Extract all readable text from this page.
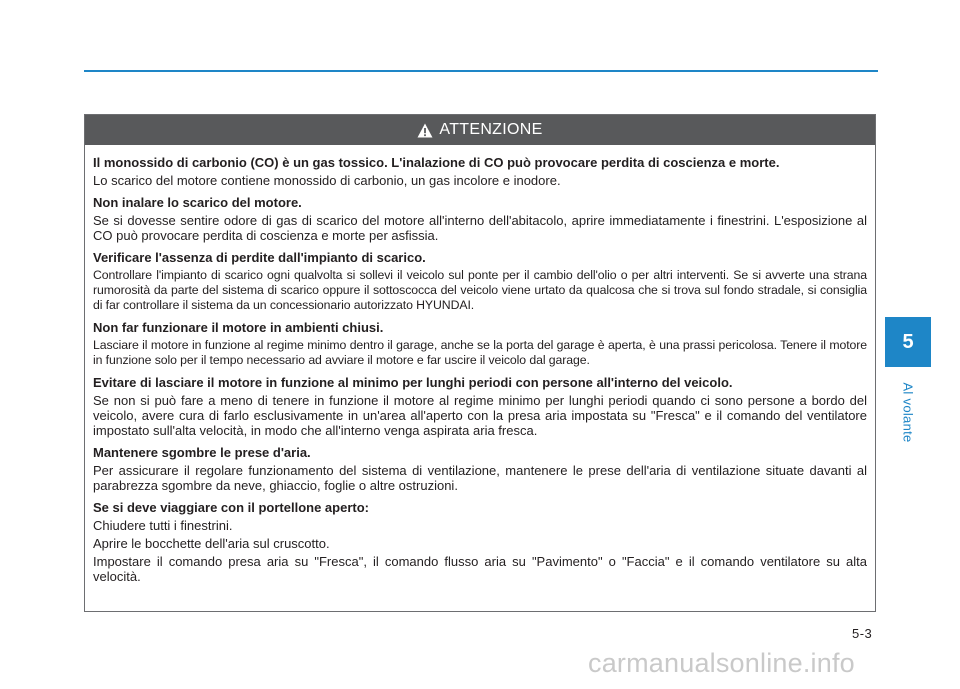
5
Al volante
ATTENZIONE
Il monossido di carbonio (CO) è un gas tossico. L'inalazione di CO può provocare perdita di coscienza e morte.
Lo scarico del motore contiene monossido di carbonio, un gas incolore e inodore.
Non inalare lo scarico del motore.
Se si dovesse sentire odore di gas di scarico del motore all'interno dell'abitacolo, aprire immediatamente i finestrini. L'esposizione al CO può provocare perdita di coscienza e morte per asfissia.
Verificare l'assenza di perdite dall'impianto di scarico.
Controllare l'impianto di scarico ogni qualvolta si sollevi il veicolo sul ponte per il cambio dell'olio o per altri interventi. Se si avverte una strana rumorosità da parte del sistema di scarico oppure il sottoscocca del veicolo viene urtato da qualcosa che si trova sul fondo stradale, si consiglia di far controllare il sistema da un concessionario autorizzato HYUNDAI.
Non far funzionare il motore in ambienti chiusi.
Lasciare il motore in funzione al regime minimo dentro il garage, anche se la porta del garage è aperta, è una prassi pericolosa. Tenere il motore in funzione solo per il tempo necessario ad avviare il motore e far uscire il veicolo dal garage.
Evitare di lasciare il motore in funzione al minimo per lunghi periodi con persone all'interno del veicolo.
Se non si può fare a meno di tenere in funzione il motore al regime minimo per lunghi periodi quando ci sono persone a bordo del veicolo, avere cura di farlo esclusivamente in un'area all'aperto con la presa aria impostata su "Fresca" e il comando del ventilatore impostato sull'alta velocità, in modo che all'interno venga aspirata aria fresca.
Mantenere sgombre le prese d'aria.
Per assicurare il regolare funzionamento del sistema di ventilazione, mantenere le prese dell'aria di ventilazione situate davanti al parabrezza sgombre da neve, ghiaccio, foglie o altre ostruzioni.
Se si deve viaggiare con il portellone aperto:
Chiudere tutti i finestrini.
Aprire le bocchette dell'aria sul cruscotto.
Impostare il comando presa aria su "Fresca", il comando flusso aria su "Pavimento" o "Faccia" e il comando ventilatore su alta velocità.
5-3
carmanualsonline.info
